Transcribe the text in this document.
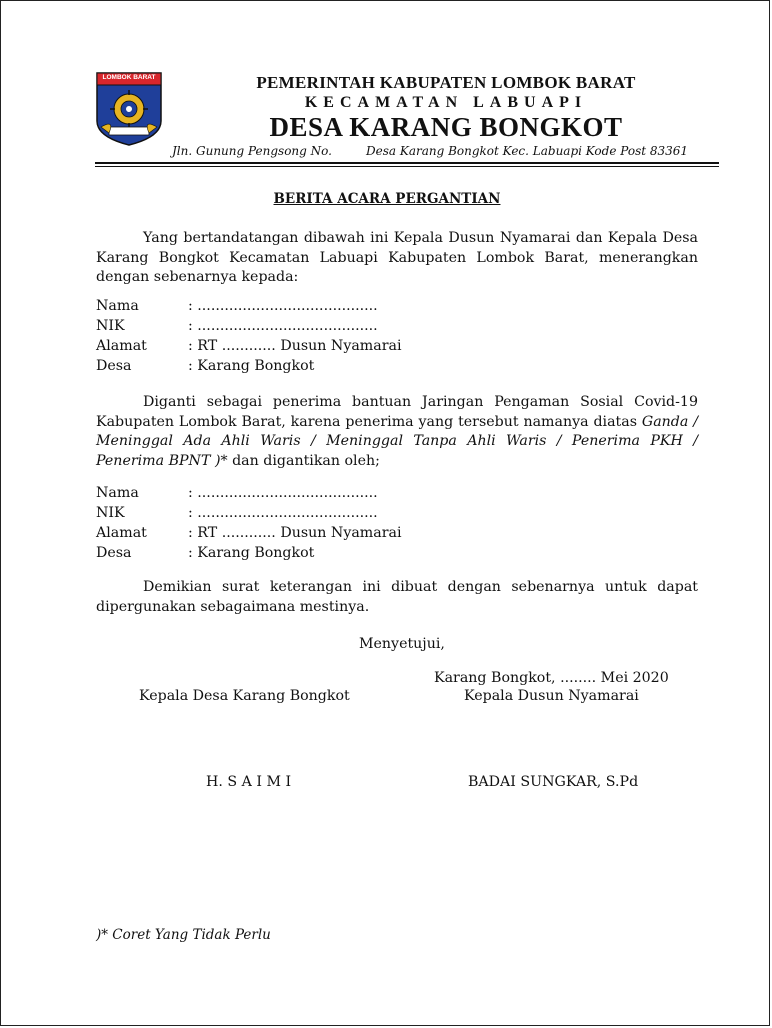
LOMBOK BARAT	PEMERINTAH KABUPATEN LOMBOK BARAT
KECAMATAN LABUAPI
DESA KARANG BONGKOT
Jln. Gunung Pengsong No.	Desa Karang Bongkot Kec. Labuapi Kode Post 83361
BERITA ACARA PERGANTIAN
Yang bertandatangan dibawah ini Kepala Dusun Nyamarai dan Kepala Desa Karang Bongkot Kecamatan Labuapi Kabupaten Lombok Barat, menerangkan dengan sebenarnya kepada:
Nama	: ........................................
NIK	: ........................................
Alamat	: RT ............ Dusun Nyamarai
Desa	: Karang Bongkot
Diganti sebagai penerima bantuan Jaringan Pengaman Sosial Covid-19 Kabupaten Lombok Barat, karena penerima yang tersebut namanya diatas Ganda / Meninggal Ada Ahli Waris / Meninggal Tanpa Ahli Waris / Penerima PKH / Penerima BPNT )* dan digantikan oleh;
Nama	: ........................................
NIK	: ........................................
Alamat	: RT ............ Dusun Nyamarai
Desa	: Karang Bongkot
Demikian surat keterangan ini dibuat dengan sebenarnya untuk dapat dipergunakan sebagaimana mestinya.
Menyetujui,
Karang Bongkot, ........ Mei 2020
Kepala Desa Karang Bongkot	Kepala Dusun Nyamarai
H. S A I M I	BADAI SUNGKAR, S.Pd
)* Coret Yang Tidak Perlu
